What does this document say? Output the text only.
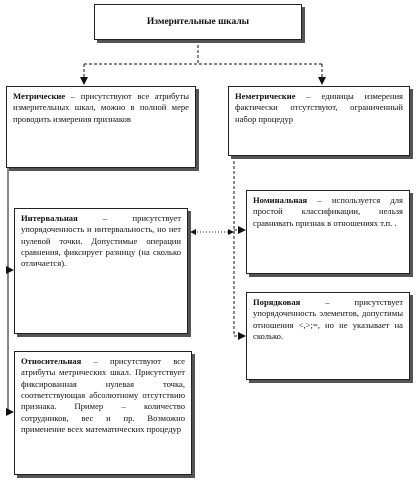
Измерительные шкалы
Метрические – присутствуют все атрибуты измерительных шкал, можно в полной мере проводить измерения признаков
Неметрические – единицы измерения фактически отсутствуют, ограниченный набор процедур
Интервальная – присутствует упорядоченность и интервальность, но нет нулевой точки. Допустимые операции сравнения, фиксирует разницу (на сколько отличается).
Номинальная – используется для простой классификации, нельзя сравнивать признак в отношениях т.п. .
Порядковая – присутствует упорядоченность элементов, допустимы отношения <,>;=, но не указывает на сколько.
Относительная – присутствуют все атрибуты метрических шкал. Присутствует фиксированная нулевая точка, соответствующая абсолютному отсутствию признака. Пример – количество сотрудников, вес и пр. Возможно применение всех математических процедур
